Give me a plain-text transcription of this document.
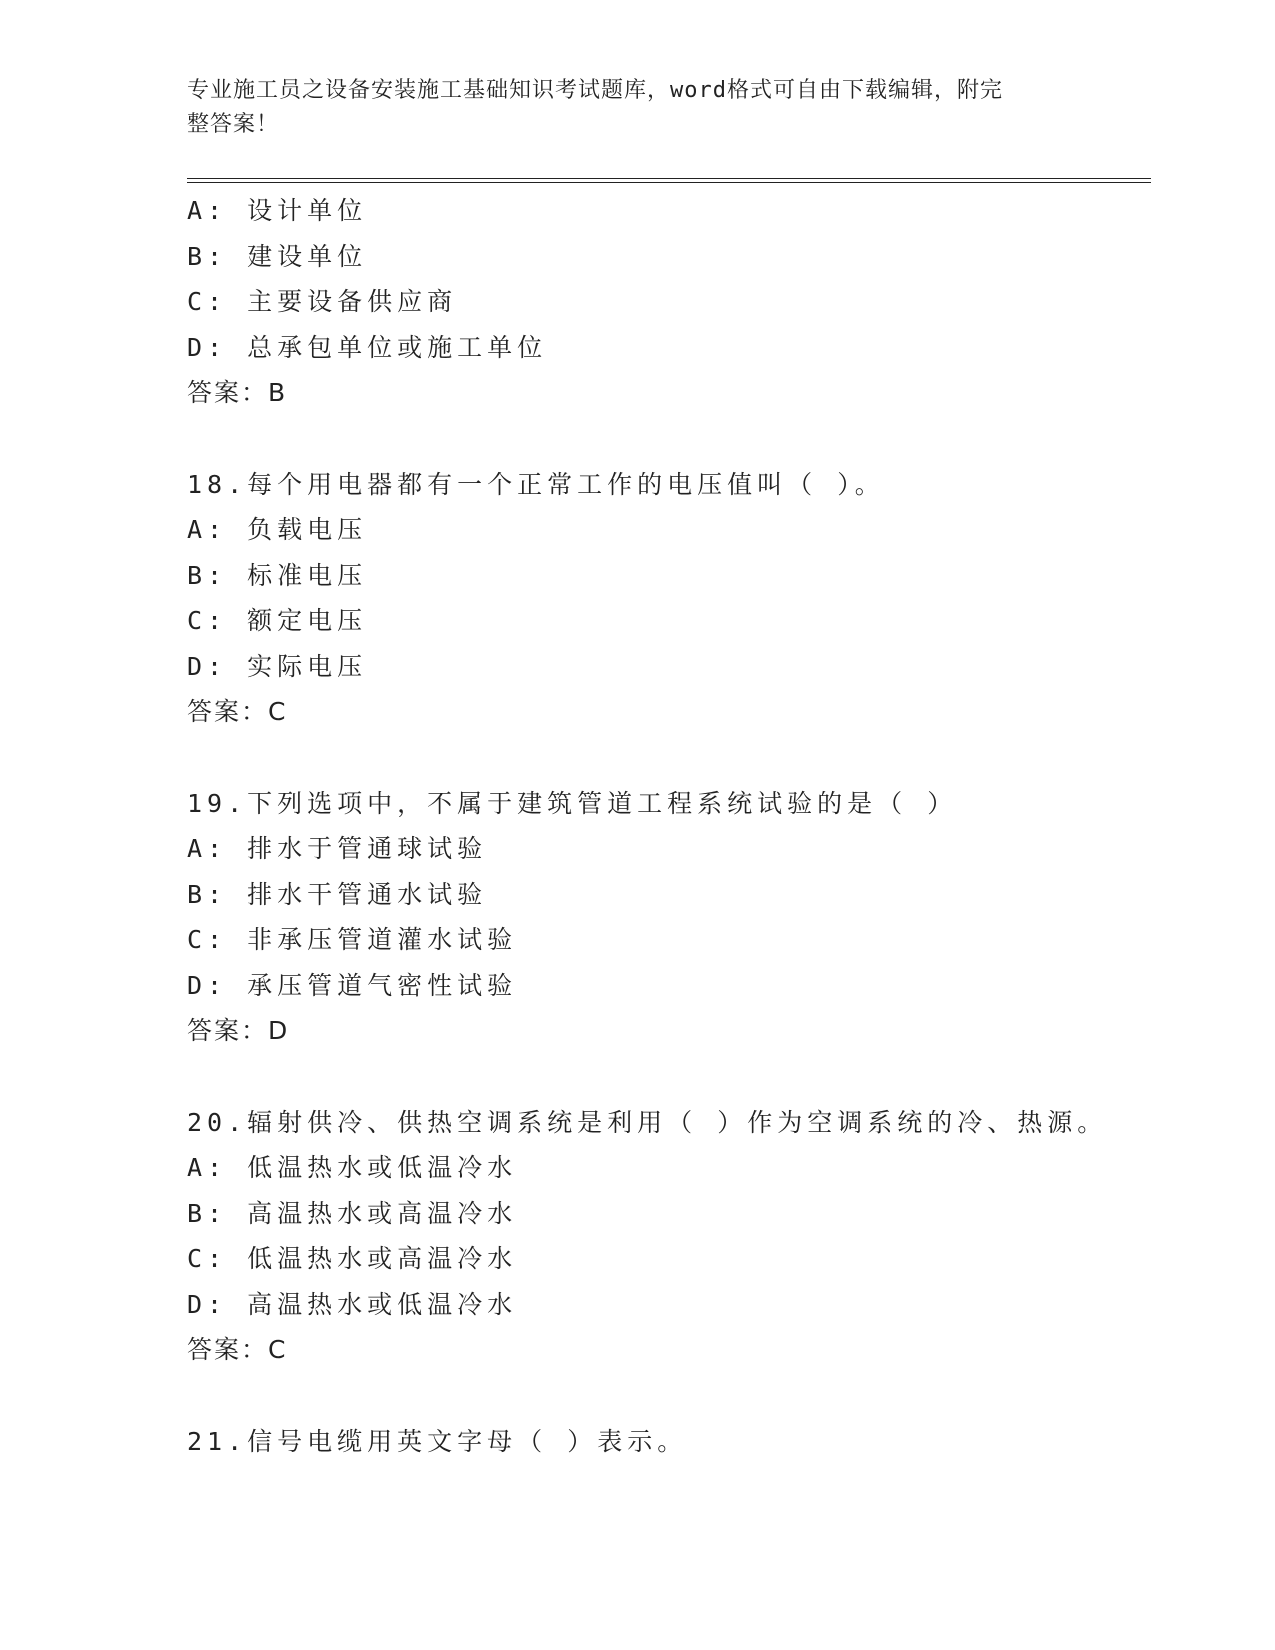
专业施工员之设备安装施工基础知识考试题库，word格式可自由下载编辑，附完
整答案！
A: 设计单位
B: 建设单位
C: 主要设备供应商
D: 总承包单位或施工单位
答案：B
18.每个用电器都有一个正常工作的电压值叫（ ）。
A: 负载电压
B: 标准电压
C: 额定电压
D: 实际电压
答案：C
19.下列选项中，不属于建筑管道工程系统试验的是（ ）
A: 排水于管通球试验
B: 排水干管通水试验
C: 非承压管道灌水试验
D: 承压管道气密性试验
答案：D
20.辐射供冷、供热空调系统是利用（ ）作为空调系统的冷、热源。
A: 低温热水或低温冷水
B: 高温热水或高温冷水
C: 低温热水或高温冷水
D: 高温热水或低温冷水
答案：C
21.信号电缆用英文字母（ ）表示。
